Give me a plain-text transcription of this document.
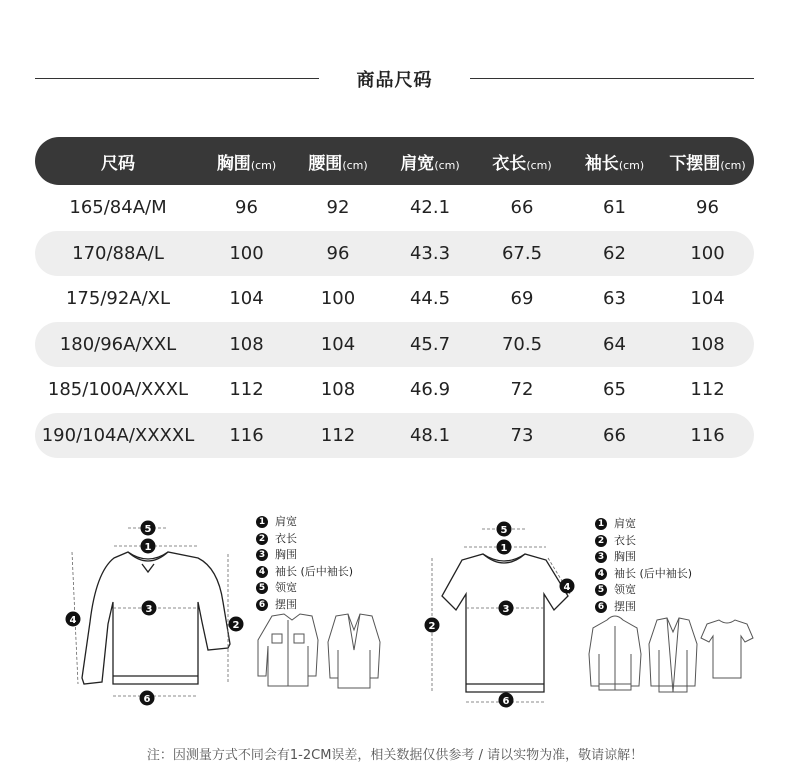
商品尺码
尺码	胸围(cm)	腰围(cm)	肩宽(cm)	衣长(cm)	袖长(cm)	下摆围(cm)
165/84A/M	96	92	42.1	66	61	96
170/88A/L	100	96	43.3	67.5	62	100
175/92A/XL	104	100	44.5	69	63	104
180/96A/XXL	108	104	45.7	70.5	64	108
185/100A/XXXL	112	108	46.9	72	65	112
190/104A/XXXXL	116	112	48.1	73	66	116
5
1
3
4	2
6
1 肩宽
2 衣长
3 胸围
4 袖长 (后中袖长)
5 领宽
6 摆围
5
1
3
4
2
6
1 肩宽
2 衣长
3 胸围
4 袖长 (后中袖长)
5 领宽
6 摆围
注：因测量方式不同会有1-2CM误差，相关数据仅供参考 / 请以实物为准，敬请谅解！
